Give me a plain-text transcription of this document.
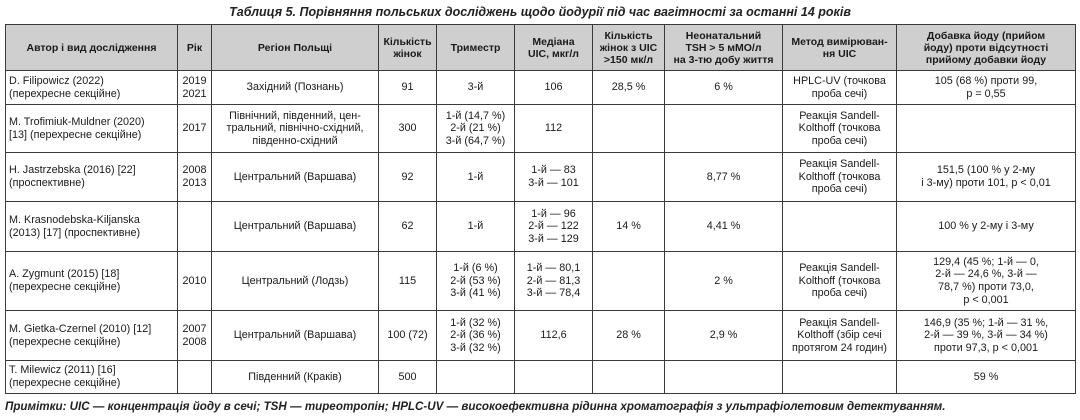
Таблиця 5. Порівняння польських досліджень щодо йодурії під час вагітності за останні 14 років
Автор і вид дослідження	Рік	Регіон Польщі	Кількість
жінок	Триместр	Медіана
UIC, мкг/л	Кількість
жінок з UIC
>150 мк/л	Неонатальний
TSH > 5 мМО/л
на 3-тю добу життя	Метод вимірюван-
ня UIC	Добавка йоду (прийом
йоду) проти відсутності
прийому добавки йоду
D. Filipowicz (2022)
(перехресне секційне)	2019
2021	Західний (Познань)	91	3-й	106	28,5 %	6 %	HPLC-UV (точкова
проба сечі)	105 (68 %) проти 99,
p = 0,55
M. Trofimiuk-Muldner (2020)
[13] (перехресне секційне)	2017	Північний, південний, цен-
тральний, північно-східний,
південно-східний	300	1-й (14,7 %)
2-й (21 %)
3-й (64,7 %)	112			Реакція Sandell-
Kolthoff (точкова
проба сечі)	
H. Jastrzebska (2016) [22]
(проспективне)	2008
2013	Центральний (Варшава)	92	1-й	1-й — 83
3-й — 101		8,77 %	Реакція Sandell-
Kolthoff (точкова
проба сечі)	151,5 (100 % у 2-му
і 3-му) проти 101, p < 0,01
M. Krasnodebska-Kiljanska
(2013) [17] (проспективне)		Центральний (Варшава)	62	1-й	1-й — 96
2-й — 122
3-й — 129	14 %	4,41 %		100 % у 2-му і 3-му
A. Zygmunt (2015) [18]
(перехресне секційне)	2010	Центральний (Лодзь)	115	1-й (6 %)
2-й (53 %)
3-й (41 %)	1-й — 80,1
2-й — 81,3
3-й — 78,4		2 %	Реакція Sandell-
Kolthoff (точкова
проба сечі)	129,4 (45 %; 1-й — 0,
2-й — 24,6 %, 3-й —
78,7 %) проти 73,0,
p < 0,001
M. Gietka-Czernel (2010) [12]
(перехресне секційне)	2007
2008	Центральний (Варшава)	100 (72)	1-й (32 %)
2-й (36 %)
3-й (32 %)	112,6	28 %	2,9 %	Реакція Sandell-
Kolthoff (збір сечі
протягом 24 годин)	146,9 (35 %; 1-й — 31 %,
2-й — 39 %, 3-й — 34 %)
проти 97,3, p < 0,001
T. Milewicz (2011) [16]
(перехресне секційне)		Південний (Краків)	500						59 %
Примітки: UIC — концентрація йоду в сечі; TSH — тиреотропін; HPLC-UV — високоефективна рідинна хроматографія з ультрафіолетовим детектуванням.
